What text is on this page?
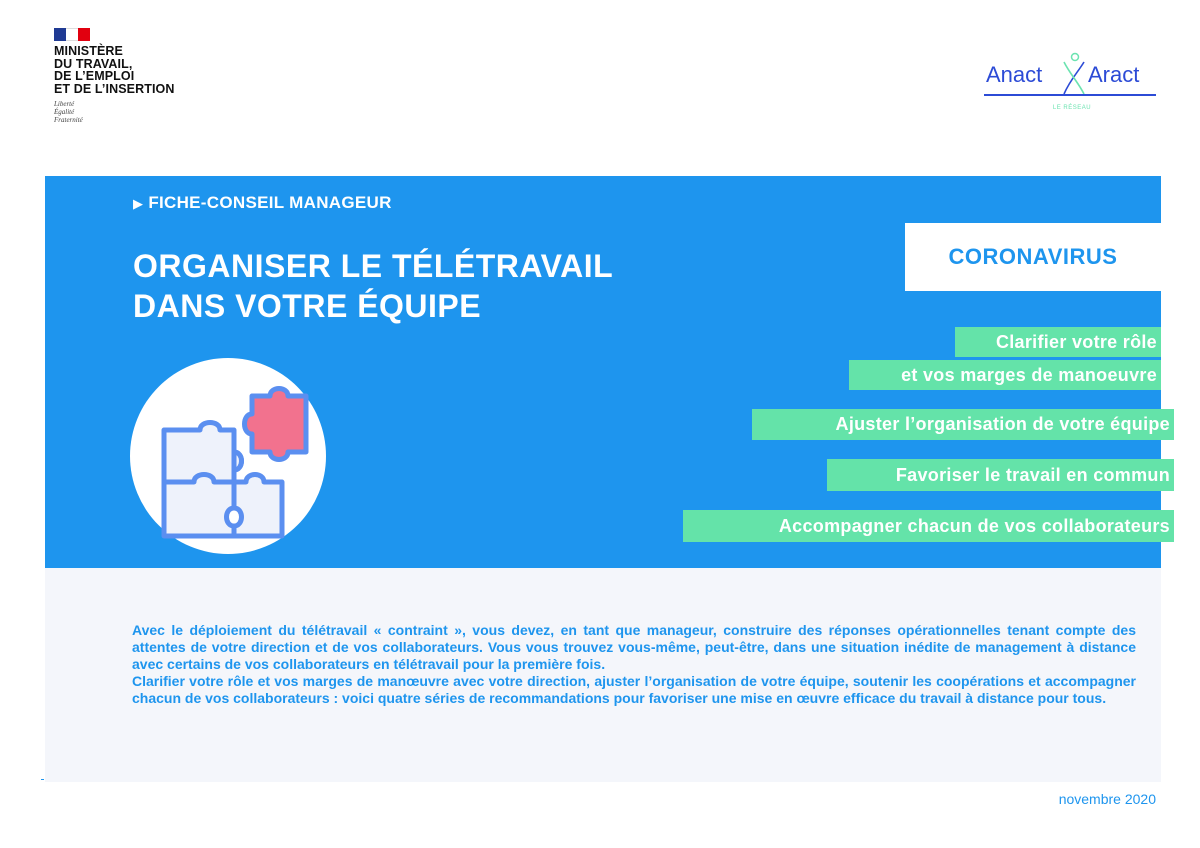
MINISTÈRE
DU TRAVAIL,
DE L’EMPLOI
ET DE L’INSERTION
Liberté
Égalité
Fraternité
Anact Aract
LE RÉSEAU
▶ FICHE-CONSEIL MANAGEUR
ORGANISER LE TÉLÉTRAVAIL
DANS VOTRE ÉQUIPE
CORONAVIRUS
Clarifier votre rôle
et vos marges de manoeuvre
Ajuster l’organisation de votre équipe
Favoriser le travail en commun
Accompagner chacun de vos collaborateurs

Avec le déploiement du télétravail « contraint », vous devez, en tant que manageur, construire des réponses opérationnelles tenant compte des attentes de votre direction et de vos collaborateurs. Vous vous trouvez vous-même, peut-être, dans une situation inédite de management à distance avec certains de vos collaborateurs en télétravail pour la première fois.

Clarifier votre rôle et vos marges de manœuvre avec votre direction, ajuster l’organisation de votre équipe, soutenir les coopérations et accompagner chacun de vos collaborateurs : voici quatre séries de recommandations pour favoriser une mise en œuvre efficace du travail à distance pour tous.

novembre 2020
